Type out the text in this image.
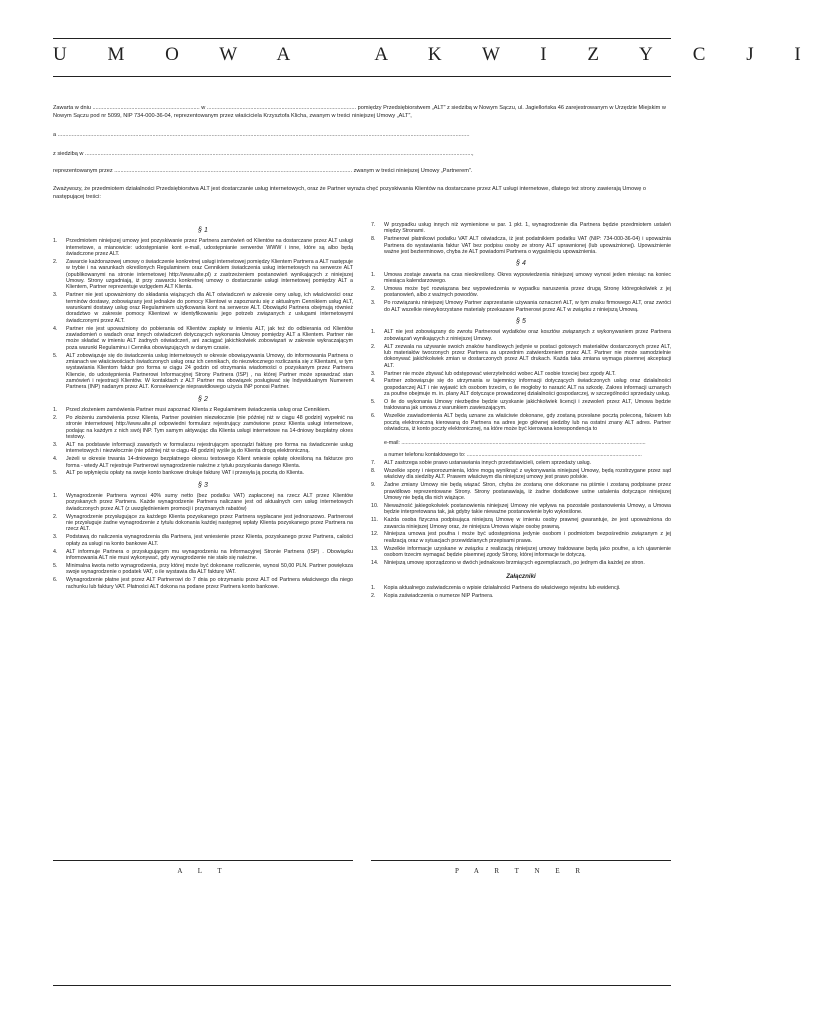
U M O W A   A K W I Z Y C J I

Zawarta w dniu ..................................................................... w ................................................................................................ pomiędzy Przedsiębiorstwem „ALT” z siedzibą w Nowym Sączu, ul. Jagiellońska 46 zarejestrowanym w Urzędzie Miejskim w Nowym Sączu pod nr 5099, NIP 734-000-36-04, reprezentowanym przez właściciela Krzysztofa Klicha, zwanym w treści niniejszej Umowy „ALT”,

a .........................................................................................................................................................................................................................................................................

z siedzibą w .........................................................................................................................................................................................................................................................,

reprezentowanym przez ......................................................................................................................................................... zwanym w treści niniejszej Umowy „Partnerem”.

Zważywszy, że przedmiotem działalności Przedsiębiorstwa ALT jest dostarczanie usług internetowych, oraz że Partner wyraża chęć pozyskiwania Klientów na dostarczane przez ALT usługi internetowe, dlatego też strony zawierają Umowę o następującej treści:

§ 1
1. Przedmiotem niniejszej umowy jest pozyskiwanie przez Partnera zamówień od Klientów na dostarczane przez ALT usługi internetowe, a mianowicie: udostępnianie kont e-mail, udostępnianie serwerów WWW i inne, które są albo będą świadczone przez ALT.
2. Zawarcie każdorazowej umowy o świadczenie konkretnej usługi internetowej pomiędzy Klientem Partnera a ALT następuje w trybie i na warunkach określonych Regulaminem oraz Cennikiem świadczenia usług internetowych na serwerze ALT (opublikowanymi na stronie internetowej http://www.alte.pl) z zastrzeżeniem postanowień wynikających z niniejszej Umowy. Strony uzgadniają, iż przy zawarciu konkretnej umowy o dostarczanie usługi internetowej pomiędzy ALT a Klientem, Partner reprezentuje wzlgędem ALT Klienta.
3. Partner nie jest upoważniony do składania wiążących dla ALT oświadczeń w zakresie ceny usług, ich właściwości oraz terminów dostawy, zobowiązany jest jednakże do pomocy Klientowi w zapoznaniu się z aktualnym Cennikiem usług ALT, warunkami dostawy usług oraz Regulaminem użytkowania kont na serwerze ALT. Obowiązki Partnera obejmują również doradztwo w zakresie pomocy Klientowi w identyfikowaniu jego potrzeb związanych z usługami internetowymi świadczonymi przez ALT.
4. Partner nie jest upoważniony do pobierania od Klientów zapłaty w imieniu ALT, jak też do odbierania od Klientów zawiadomień o wadach oraz innych oświadczeń dotyczących wykonania Umowy pomiędzy ALT a Klientem. Partner nie może składać w imieniu ALT żadnych oświadczeń, ani zaciągać jakichkolwiek zobowiązań w zakresie wykraczającym poza warunki Regulaminu i Cennika obowiązujących w danym czasie.
5. ALT zobowiązuje się do świadczenia usług internetowych w okresie obowiązywania Umowy, do informowania Partnera o zmianach we właściwościach świadczonych usług oraz ich cennikach, do niezwłocznego rozliczania się z Klientami, w tym wystawiania Klientom faktur pro forma w ciągu 24 godzin od otrzymania wiadomości o pozyskanym przez Partnera Kliencie, do udostępnienia Partnerowi Informacyjnej Strony Partnera (ISP) , na której Partner może sprawdzać stan zamówień i rejestracji Klientów. W kontaktach z ALT Partner ma obowiązek posługiwać się Indywidualnym Numerem Partnera (INP) nadanym przez ALT. Konsekwencje nieprawidłowego użycia INP ponosi Partner.
§ 2
1. Przed złożeniem zamówienia Partner musi zapoznać Klienta z Regulaminem świadczenia usług oraz Cennikiem.
2. Po złożeniu zamówienia przez Klienta, Partner powinien niezwłocznie (nie później niż w ciągu 48 godzin) wypełnić na stronie internetowej http://www.alte.pl odpowiedni formularz rejestrujący zamówione przez Klienta usługi internetowe, podając na każdym z nich swój INP. Tym samym aktywując dla Klienta usługi internetowe na 14-dniowy bezpłatny okres testowy.
3. ALT na podstawie informacji zawartych w formularzu rejestrującym sporządzi fakturę pro forma na świadczenie usług internetowych i niezwłocznie (nie później niż w ciągu 48 godzin) wyśle ją do Klienta drogą elektroniczną.
4. Jeżeli w okresie trwania 14-dniowego bezpłatnego okresu testowego Klient wniesie opłatę określoną na fakturze pro forma - wtedy ALT rejestruje Partnerowi wynagrodzenie należne z tytułu pozyskania danego Klienta.
5. ALT po wpłynięciu opłaty na swoje konto bankowe drukuje fakturę VAT i przesyła ją pocztą do Klienta.
§ 3
1. Wynagrodzenie Partnera wynosi 40% sumy netto (bez podatku VAT) zapłaconej na rzecz ALT przez Klientów pozyskanych przez Partnera. Każde wynagrodzenie Partnera naliczane jest od aktualnych cen usług internetowych świadczonych przez ALT (z uwzględnieniem promocji i przyznanych rabatów)
2. Wynagrodzenie przysługujące za każdego Klienta pozyskanego przez Partnera wypłacane jest jednorazowo. Partnerowi nie przysługuje żadne wynagrodzenie z tytułu dokonania każdej następnej wpłaty Klienta pozyskanego przez Partnera na rzecz ALT.
3. Podstawą do naliczenia wynagrodzenia dla Partnera, jest wniesienie przez Klienta, pozyskanego przez Partnera, całości opłaty za usługi na konto bankowe ALT.
4. ALT informuje Partnera o przysługującym mu wynagrodzeniu na Informacyjnej Stronie Partnera (ISP) . Obowiązku informowania ALT nie musi wykonywać, gdy wynagrodzenie nie stało się należne.
5. Minimalna kwota netto wynagrodzenia, przy której może być dokonane rozliczenie, wynosi 50,00 PLN. Partner powiększa swoje wynagrodzenie o podatek VAT, o ile wystawia dla ALT fakturę VAT.
6. Wynagrodzenie płatne jest przez ALT Partnerowi do 7 dnia po otrzymaniu przez ALT od Partnera właściwego dla niego rachunku lub faktury VAT. Płatności ALT dokona na podane przez Partnera konto bankowe.
7. W przypadku usług innych niż wymienione w par. 1 pkt. 1, wynagrodzenie dla Partnera będzie przedmiotem ustaleń między Stronami.
8. Partnerowi płatnikowi podatku VAT ALT oświadcza, iż jest podatnikiem podatku VAT (NIP: 734-000-36-04) i upoważnia Partnera do wystawiania faktur VAT bez podpisu osoby ze strony ALT uprawnionej (lub upoważnionej). Upoważnienie ważne jest bezterminowo, chyba że ALT powiadomi Partnera o wygaśnięciu upoważnienia.
§ 4
1. Umowa zostaje zawarta na czas nieokreślony. Okres wypowiedzenia niniejszej umowy wynosi jeden miesiąc na koniec miesiąca kalendarzowego.
2. Umowa może być rozwiązana bez wypowiedzenia w wypadku naruszenia przez drugą Stronę któregokolwiek z jej postanowień, albo z ważnych powodów.
3. Po rozwiązaniu niniejszej Umowy Partner zaprzestanie używania oznaczeń ALT, w tym znaku firmowego ALT, oraz zwróci do ALT wszelkie niewykorzystane materiały przekazane Partnerowi przez ALT w związku z niniejszą Umową.
§ 5
1. ALT nie jest zobowiązany do zwrotu Partnerowi wydatków oraz kosztów związanych z wykonywaniem przez Partnera zobowiązań wynikających z niniejszej Umowy.
2. ALT zezwala na używanie swoich znaków handlowych jedynie w postaci gotowych materiałów dostarczonych przez ALT, lub materiałów tworzonych przez Partnera za uprzednim zatwierdzeniem przez ALT. Partner nie może samodzielnie dokonywać jakichkolwiek zmian w dostarczonych przez ALT drukach. Każda taka zmiana wymaga pisemnej akceptacji ALT.
3. Partner nie może zbywać lub odstępować wierzytelności wobec ALT osobie trzeciej bez zgody ALT.
4. Partner zobowiązuje się do utrzymania w tajemnicy informacji dotyczących świadczonych usług oraz działalności gospodarczej ALT i nie wyjawić ich osobom trzecim, o ile mogłoby to narazić ALT na szkodę. Zakres informacji uznanych za poufne obejmuje m. in. plany ALT dotyczące prowadzonej działalności gospodarczej, w szczególności sprzedaży usług.
5. O ile do wykonania Umowy niezbędne będzie uzyskanie jakichkolwiek licencji i zezwoleń przez ALT, Umowa będzie traktowana jak umowa z warunkiem zawieszającym.
6. Wszelkie zawiadomienia ALT będą uznane za właściwie dokonane, gdy zostaną przesłane pocztą poleconą, faksem lub pocztą elektroniczną kierowaną do Partnera na adres jego głównej siedziby lub na ostatni znany ALT adres. Partner oświadcza, iż konto poczty elektronicznej, na które może być kierowana korespondencja to
e-mail: ......................................................................................................................................................................
a numer telefonu kontaktowego to: .......................................................................................................................
7. ALT zastrzega sobie prawo ustanawiania innych przedstawicieli, celem sprzedaży usług.
8. Wszelkie spory i nieporozumienia, które mogą wyniknąć z wykonywania niniejszej Umowy, będą rozstrzygane przez sąd właściwy dla siedziby ALT. Prawem właściwym dla niniejszej umowy jest prawo polskie.
9. Żadne zmiany Umowy nie będą wiązać Stron, chyba że zostaną one dokonane na piśmie i zostaną podpisane przez prawidłowo reprezentowane Strony. Strony postanawiają, iż żadne dodatkowe ustne ustalenia dotyczące niniejszej Umowy nie będą dla nich wiążące.
10. Nieważność jakiegokolwiek postanowienia niniejszej Umowy nie wpływa na pozostałe postanowienia Umowy, a Umowa będzie interpretowana tak, jak gdyby takie nieważne postanowienie było wykreślone.
11. Każda osoba fizyczna podpisująca niniejszą Umowę w imieniu osoby prawnej gwarantuje, że jest upoważniona do zawarcia niniejszej Umowy oraz, że niniejsza Umowa wiąże osobę prawną.
12. Niniejsza umowa jest poufna i może być udostępniona jedynie osobom i podmiotom bezpośrednio związanym z jej realizacją oraz w sytuacjach przewidzianych przepisami prawa.
13. Wszelkie informacje uzyskane w związku z realizacją niniejszej umowy traktowane będą jako poufne, a ich ujawnienie osobom trzecim wymagać będzie pisemnej zgody Strony, której informacje te dotyczą.
14. Niniejszą umowę sporządzono w dwóch jednakowo brzmiących egzemplarzach, po jednym dla każdej ze stron.
Załączniki
1. Kopia aktualnego zaświadczenia o wpisie działalności Partnera do właściwego rejestru lub ewidencji.
2. Kopia zaświadczenia o numerze NIP Partnera.
A L T	P A R T N E R
